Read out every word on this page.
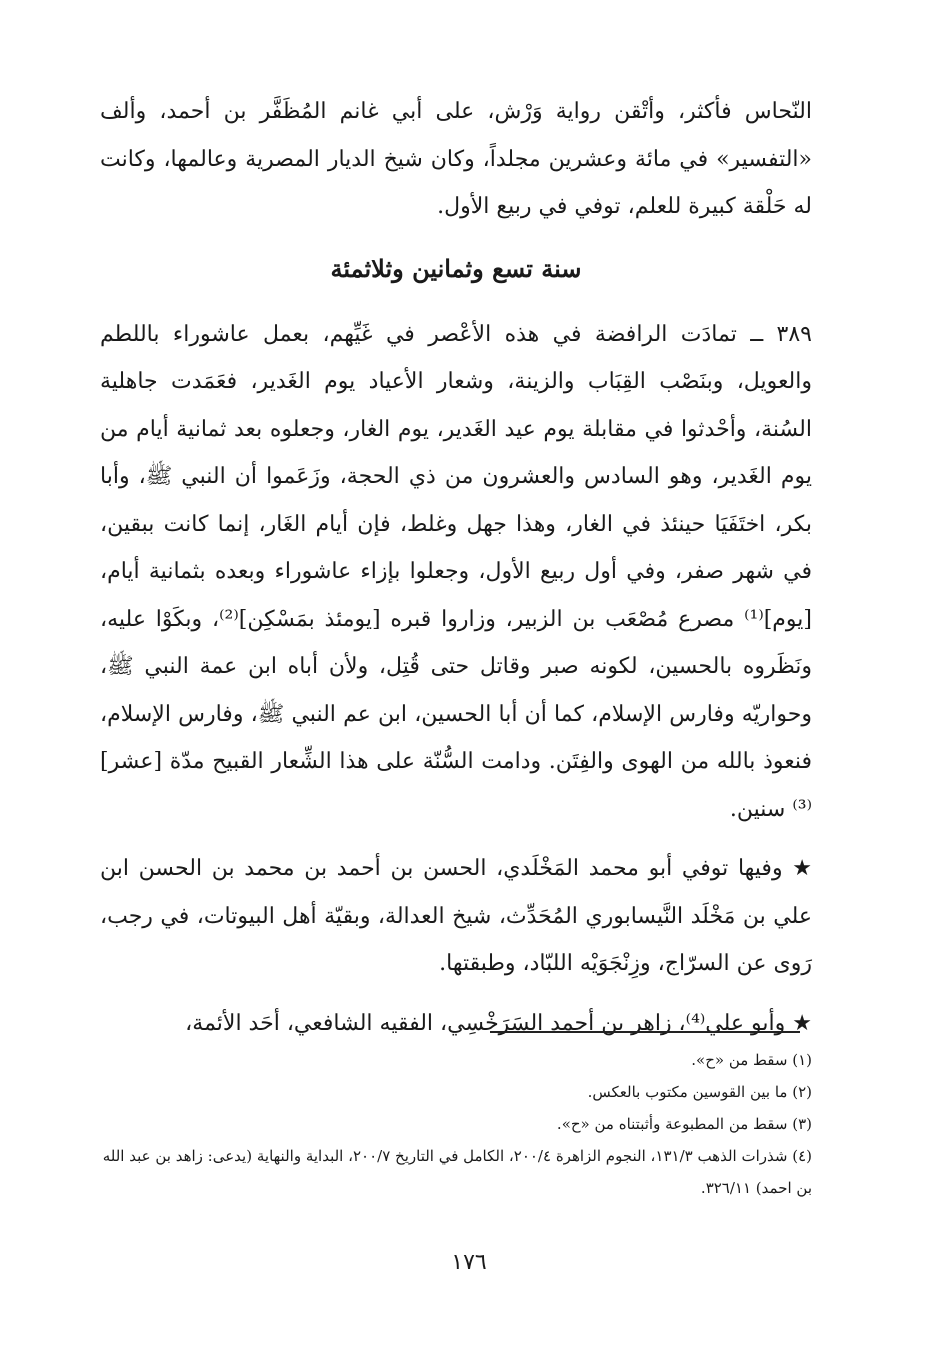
النّحاس فأكثر، وأتْقن رواية وَرْش، على أبي غانم المُظَفَّر بن أحمد، وألف «التفسير» في مائة وعشرين مجلداً، وكان شيخ الديار المصرية وعالمها، وكانت له حَلْقة كبيرة للعلم، توفي في ربيع الأول.

سنة تسع وثمانين وثلاثمئة

٣٨٩ ــ تمادَت الرافضة في هذه الأعْصر في غَيِّهم، بعمل عاشوراء باللطم والعويل، وبنَصْب القِبَاب والزينة، وشعار الأعياد يوم الغَدير، فعَمَدت جاهلية السُنة، وأحْدثوا في مقابلة يوم عيد الغَدير، يوم الغار، وجعلوه بعد ثمانية أيام من يوم الغَدير، وهو السادس والعشرون من ذي الحجة، وزَعَموا أن النبي ﷺ، وأبا بكر، اختَفَيَا حينئذ في الغار، وهذا جهل وغلط، فإن أيام الغَار، إنما كانت ببقين، في شهر صفر، وفي أول ربيع الأول، وجعلوا بإزاء عاشوراء وبعده بثمانية أيام، [يوم]⁽¹⁾ مصرع مُصْعَب بن الزبير، وزاروا قبره [يومئذ بمَسْكِن]⁽²⁾، وبكَوْا عليه، ونَظَروه بالحسين، لكونه صبر وقاتل حتى قُتِل، ولأن أباه ابن عمة النبي ﷺ، وحواريّه وفارس الإسلام، كما أن أبا الحسين، ابن عم النبي ﷺ، وفارس الإسلام، فنعوذ بالله من الهوى والفِتَن. ودامت السُّنّة على هذا الشِّعار القبيح مدّة [عشر]⁽³⁾ سنين.

★ وفيها توفي أبو محمد المَخْلَدي، الحسن بن أحمد بن محمد بن الحسن ابن علي بن مَخْلَد النَّيسابوري المُحَدِّث، شيخ العدالة، وبقيّة أهل البيوتات، في رجب، رَوى عن السرّاج، وزِنْجَوَيْه اللبّاد، وطبقتها.

★ وأبو علي⁽⁴⁾، زاهر بن أحمد السَرَخْسِي، الفقيه الشافعي، أحَد الأئمة،

(١) سقط من «ح».

(٢) ما بين القوسين مكتوب بالعكس.

(٣) سقط من المطبوعة وأثبتناه من «ح».

(٤) شذرات الذهب ١٣١/٣، النجوم الزاهرة ٢٠٠/٤، الكامل في التاريخ ٢٠٠/٧، البداية والنهاية (يدعى: زاهد بن عبد الله بن احمد) ٣٢٦/١١.

١٧٦
